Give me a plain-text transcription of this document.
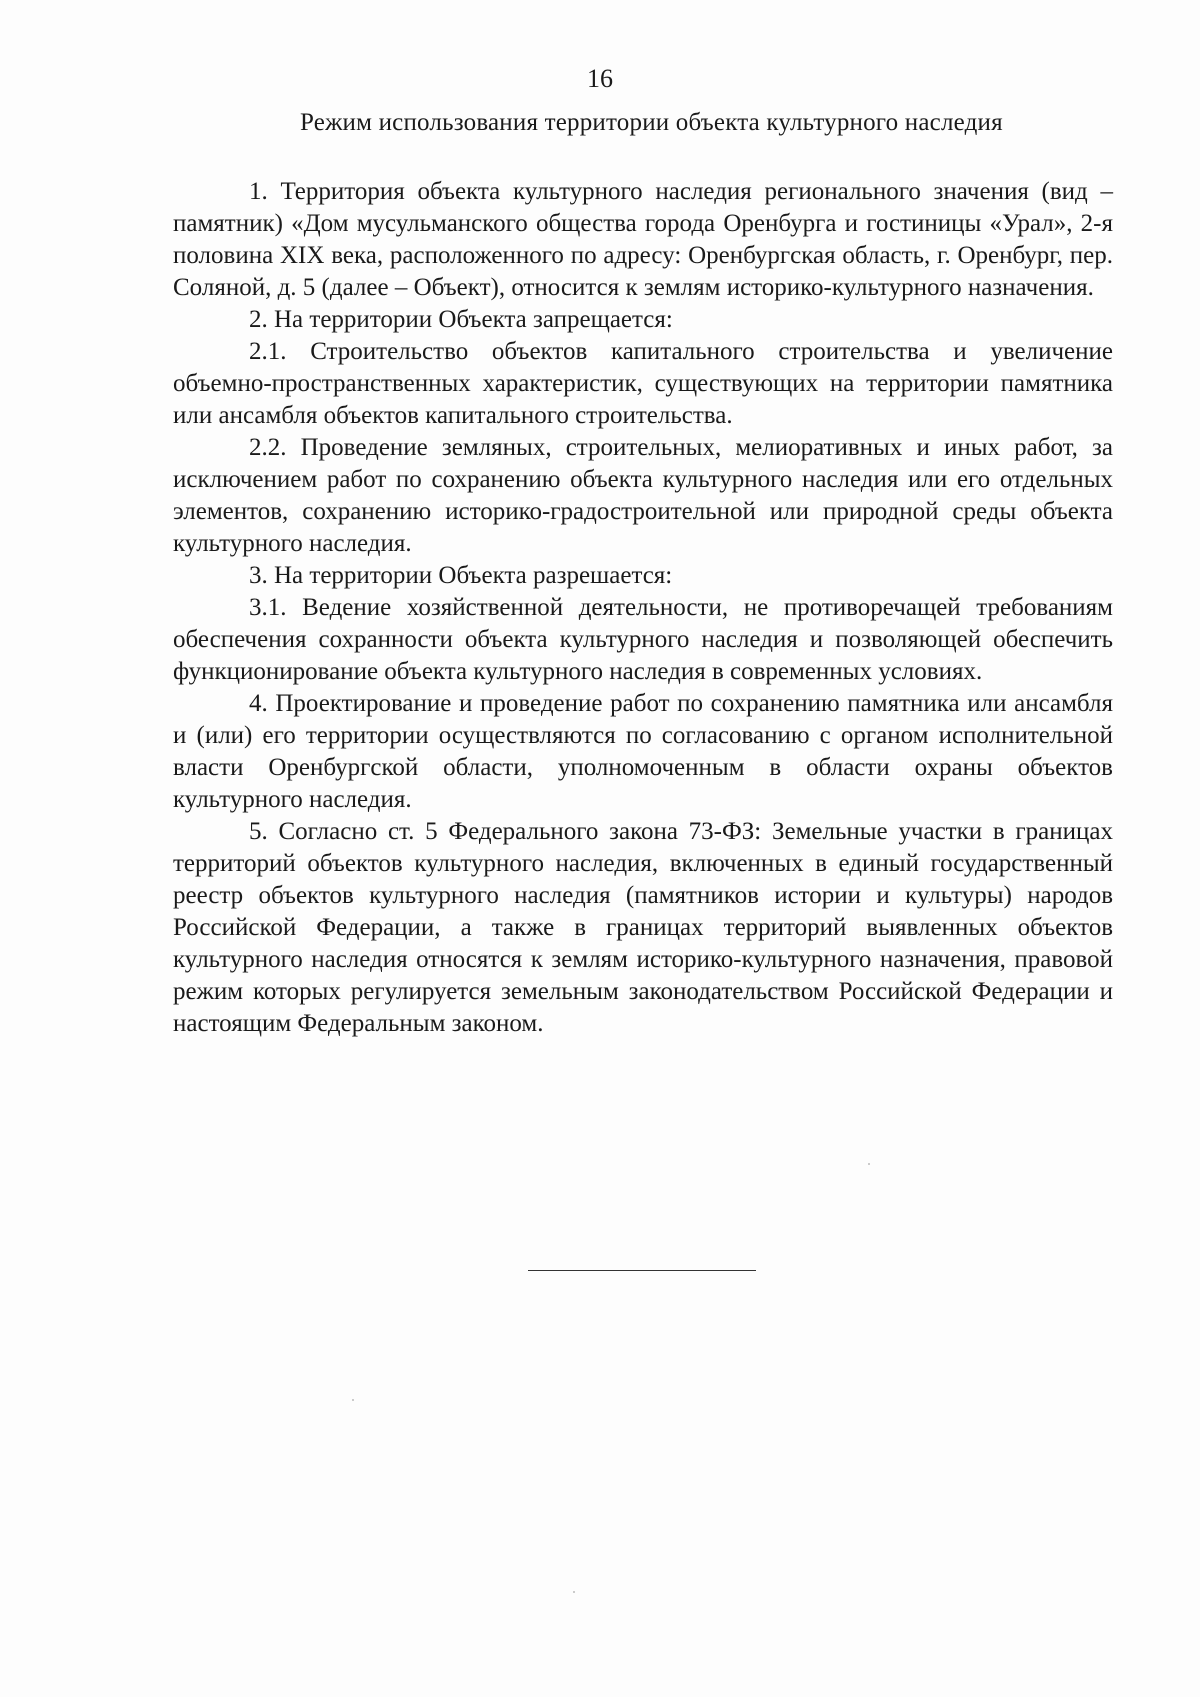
16
Режим использования территории объекта культурного наследия

1. Территория объекта культурного наследия регионального значения (вид – памятник) «Дом мусульманского общества города Оренбурга и гостиницы «Урал», 2-я половина XIX века, расположенного по адресу: Оренбургская область, г. Оренбург, пер. Соляной, д. 5 (далее – Объект), относится к землям историко-культурного назначения.

2. На территории Объекта запрещается:

2.1. Строительство объектов капитального строительства и увеличение объемно-пространственных характеристик, существующих на территории памятника или ансамбля объектов капитального строительства.

2.2. Проведение земляных, строительных, мелиоративных и иных работ, за исключением работ по сохранению объекта культурного наследия или его отдельных элементов, сохранению историко-градостроительной или природной среды объекта культурного наследия.

3. На территории Объекта разрешается:

3.1. Ведение хозяйственной деятельности, не противоречащей требованиям обеспечения сохранности объекта культурного наследия и позволяющей обеспечить функционирование объекта культурного наследия в современных условиях.

4. Проектирование и проведение работ по сохранению памятника или ансамбля и (или) его территории осуществляются по согласованию с органом исполнительной власти Оренбургской области, уполномоченным в области охраны объектов культурного наследия.

5. Согласно ст. 5 Федерального закона 73-ФЗ: Земельные участки в границах территорий объектов культурного наследия, включенных в единый государственный реестр объектов культурного наследия (памятников истории и культуры) народов Российской Федерации, а также в границах территорий выявленных объектов культурного наследия относятся к землям историко-культурного назначения, правовой режим которых регулируется земельным законодательством Российской Федерации и настоящим Федеральным законом.
